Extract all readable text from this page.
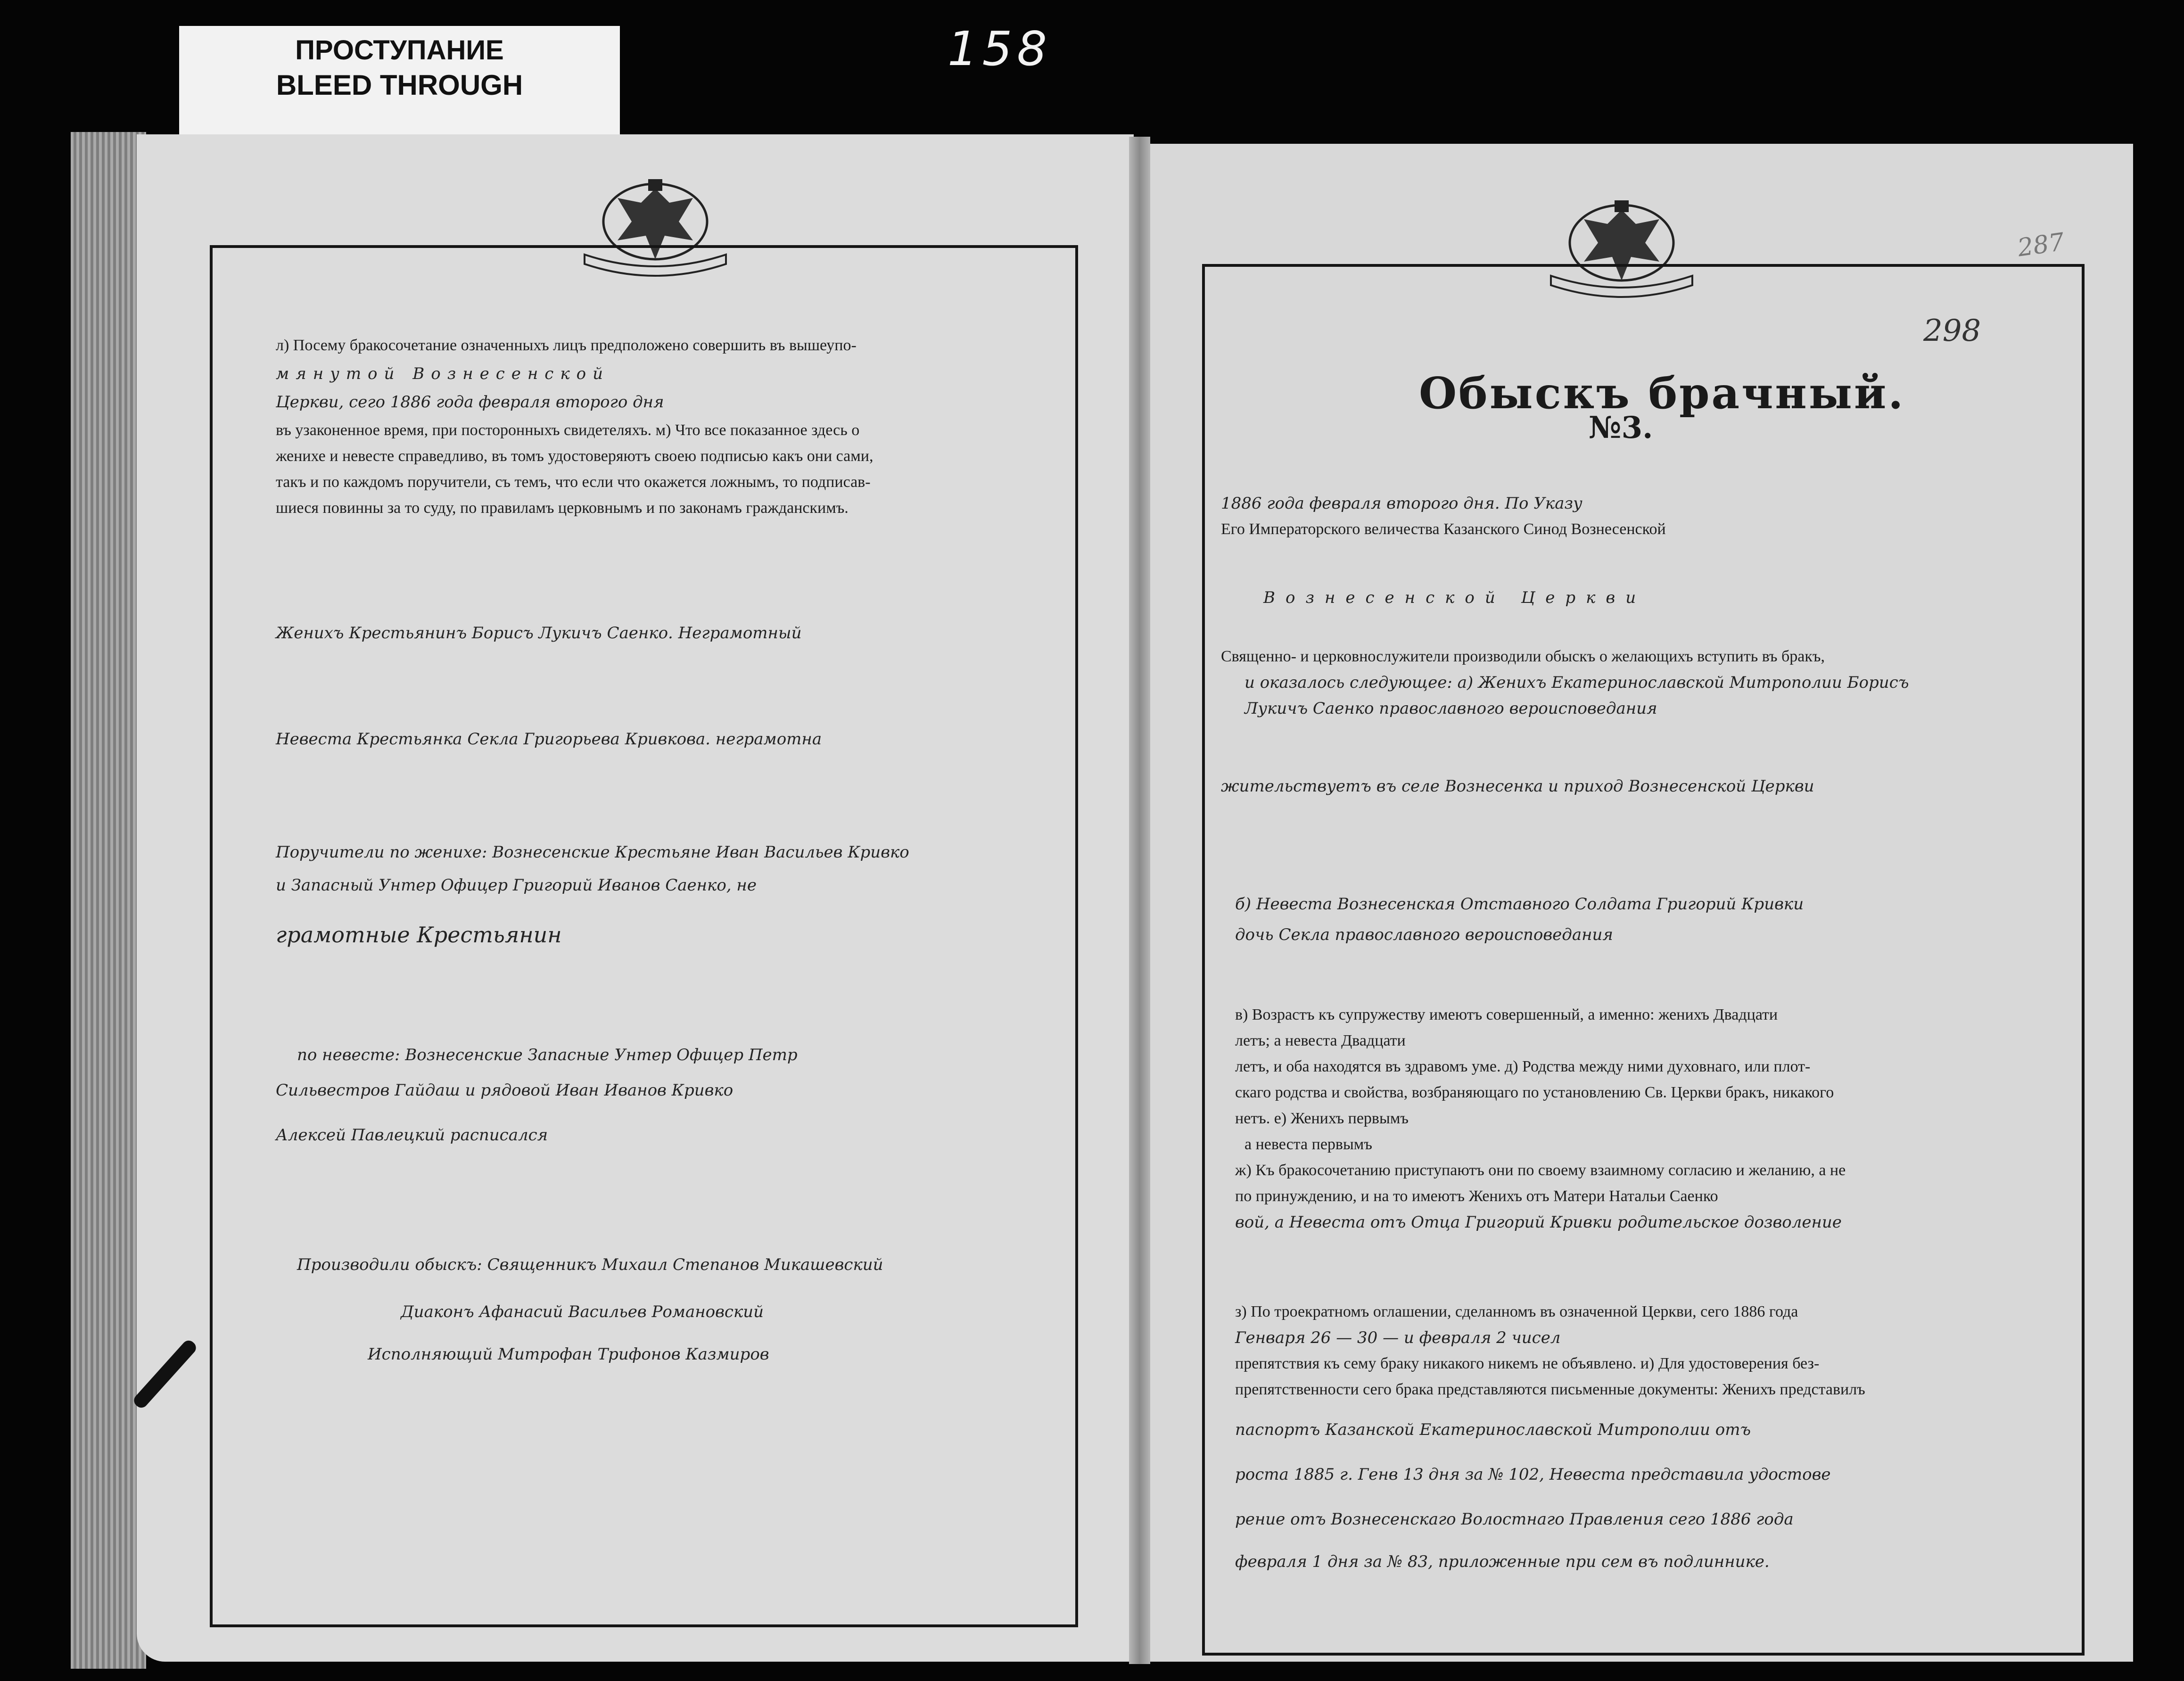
ПРОСТУПАНИЕ
BLEED THROUGH
158
287
298
Обыскъ брачный.
№3.
1886 года февраля второго дня. По Указу
Его Императорского величества Казанского Синод Вознесенской
Вознесенской Церкви
Священно- и церковнослужители производили обыскъ о желающихъ вступить въ бракъ,
и оказалось следующее: а) Женихъ Екатеринославской Митрополии Борисъ
Лукичъ Саенко православного вероисповедания
жительствуетъ въ селе Вознесенка и приход Вознесенской Церкви
б) Невеста Вознесенская Отставного Солдата Григорий Кривки
дочь Секла православного вероисповедания
в) Возрастъ къ супружеству имеютъ совершенный, а именно: женихъ Двадцати
летъ; а невеста Двадцати
летъ, и оба находятся въ здравомъ уме. д) Родства между ними духовнаго, или плот-
скаго родства и свойства, возбраняющаго по установлению Св. Церкви бракъ, никакого
нетъ. е) Женихъ первымъ
а невеста первымъ
ж) Къ бракосочетанию приступаютъ они по своему взаимному согласию и желанию, а не
по принуждению, и на то имеютъ Женихъ отъ Матери Натальи Саенко
вой, а Невеста отъ Отца Григорий Кривки родительское дозволение
з) По троекратномъ оглашении, сделанномъ въ означенной Церкви, сего 1886 года
Генваря 26 — 30 — и февраля 2 чисел
препятствия къ сему браку никакого никемъ не объявлено. и) Для удостоверения без-
препятственности сего брака представляются письменные документы: Женихъ представилъ
паспортъ Казанской Екатеринославской Митрополии отъ
роста 1885 г. Генв 13 дня за № 102, Невеста представила удостове
рение отъ Вознесенскаго Волостнаго Правления сего 1886 года
февраля 1 дня за № 83, приложенные при сем въ подлиннике.
л) Посему бракосочетание означенныхъ лицъ предположено совершить въ вышеупо-
мянутой Вознесенской
Церкви, сего 1886 года февраля второго дня
въ узаконенное время, при посторонныхъ свидетеляхъ. м) Что все показанное здесь о
женихе и невесте справедливо, въ томъ удостоверяютъ своею подписью какъ они сами,
такъ и по каждомъ поручители, съ темъ, что если что окажется ложнымъ, то подписав-
шиеся повинны за то суду, по правиламъ церковнымъ и по законамъ гражданскимъ.
Женихъ Крестьянинъ Борисъ Лукичъ Саенко. Неграмотный
Невеста Крестьянка Секла Григорьева Кривкова. неграмотна
Поручители по женихе: Вознесенские Крестьяне Иван Васильев Кривко
и Запасный Унтер Офицер Григорий Иванов Саенко, не
грамотные Крестьянин
по невесте: Вознесенские Запасные Унтер Офицер Петр
Сильвестров Гайдаш и рядовой Иван Иванов Кривко
Алексей Павлецкий расписался
Производили обыскъ: Священникъ Михаил Степанов Микашевский
Диаконъ Афанасий Васильев Романовский
Исполняющий Митрофан Трифонов Казмиров
